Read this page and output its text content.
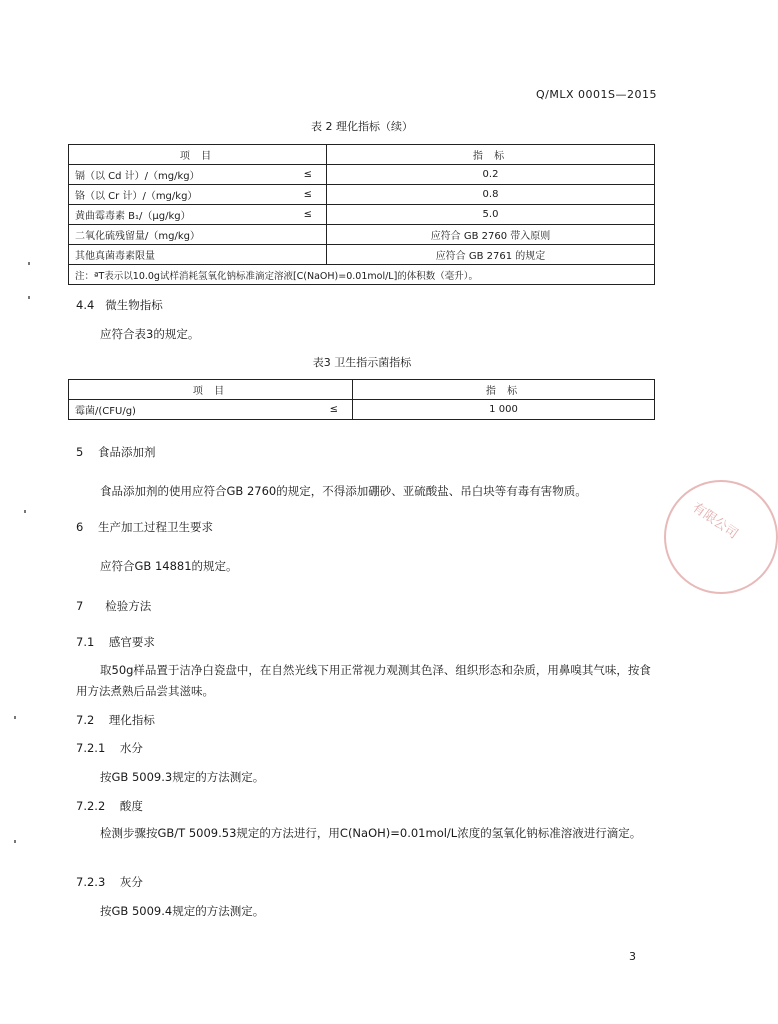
Q/MLX 0001S—2015
表 2 理化指标（续）
项 目		指 标
镉（以 Cd 计）/（mg/kg）	≤	0.2
铬（以 Cr 计）/（mg/kg）	≤	0.8
黄曲霉毒素 B₁/（μg/kg）	≤	5.0
二氧化硫残留量/（mg/kg）		应符合 GB 2760 带入原则
其他真菌毒素限量		应符合 GB 2761 的规定
注：ªT表示以10.0g试样消耗氢氧化钠标准滴定溶液[C(NaOH)=0.01mol/L]的体积数（毫升）。		
4.4 微生物指标
应符合表3的规定。
表3 卫生指示菌指标
项 目		指 标
霉菌/(CFU/g)	≤	1 000
5 食品添加剂
食品添加剂的使用应符合GB 2760的规定，不得添加硼砂、亚硫酸盐、吊白块等有毒有害物质。
6 生产加工过程卫生要求
应符合GB 14881的规定。
7 检验方法
7.1 感官要求
取50g样品置于洁净白瓷盘中，在自然光线下用正常视力观测其色泽、组织形态和杂质，用鼻嗅其气味，按食用方法煮熟后品尝其滋味。
7.2 理化指标
7.2.1 水分
按GB 5009.3规定的方法测定。
7.2.2 酸度
检测步骤按GB/T 5009.53规定的方法进行，用C(NaOH)=0.01mol/L浓度的氢氧化钠标准溶液进行滴定。
7.2.3 灰分
按GB 5009.4规定的方法测定。
3
有限公司
